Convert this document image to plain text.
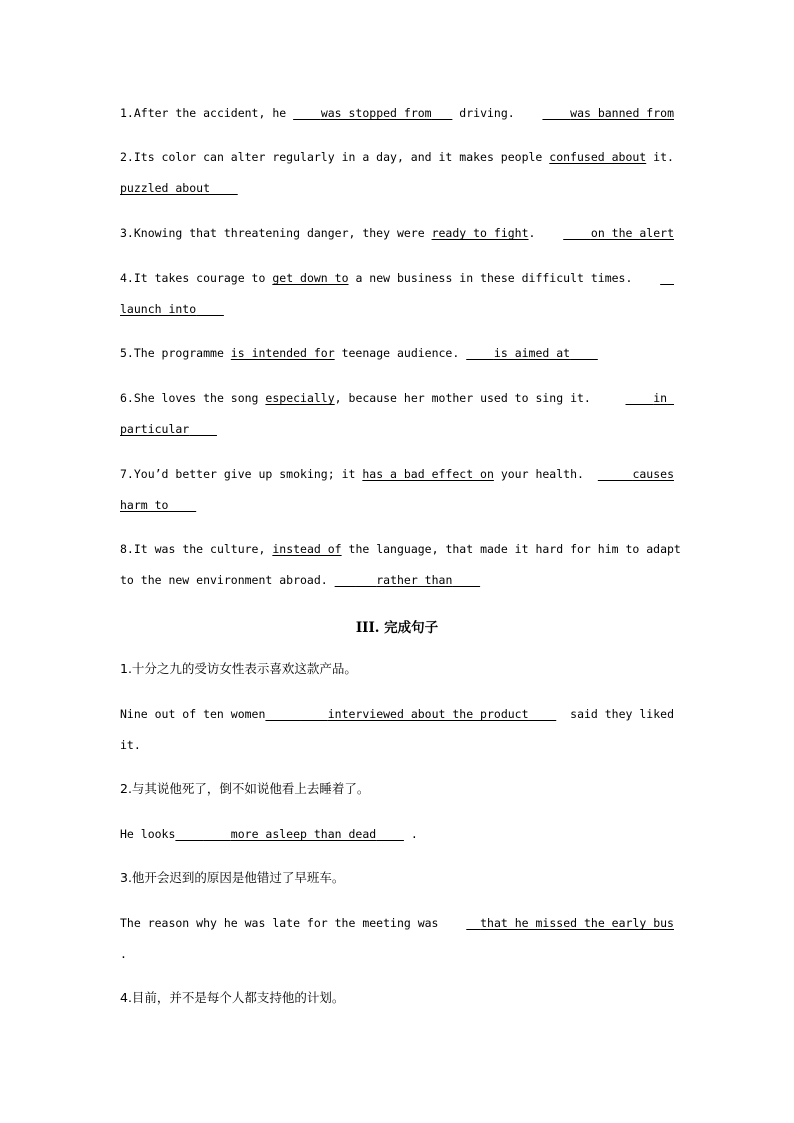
1.After the accident, he     was stopped from    driving.	was banned from
2.Its color can alter regularly in a day, and it makes people confused about it.
puzzled about
3.Knowing that threatening danger, they were ready to fight.	on the alert
4.It takes courage to get down to a new business in these difficult times.

launch into
5.The programme is intended for teenage audience.	is aimed at
6.She loves the song especially, because her mother used to sing it.	in
particular
7.You’d better give up smoking; it has a bad effect on your health.	causes
harm to
8.It was the culture, instead of the language, that made it hard for him to adapt
to the new environment abroad.	rather than
III. 完成句子
1.十分之九的受访女性表示喜欢这款产品。
Nine out of ten women	interviewed about the product	said they liked
it.
2.与其说他死了，倒不如说他看上去睡着了。
He looks	more asleep than dead	.
3.他开会迟到的原因是他错过了早班车。
The reason why he was late for the meeting was	that he missed the early bus
.
4.目前，并不是每个人都支持他的计划。
